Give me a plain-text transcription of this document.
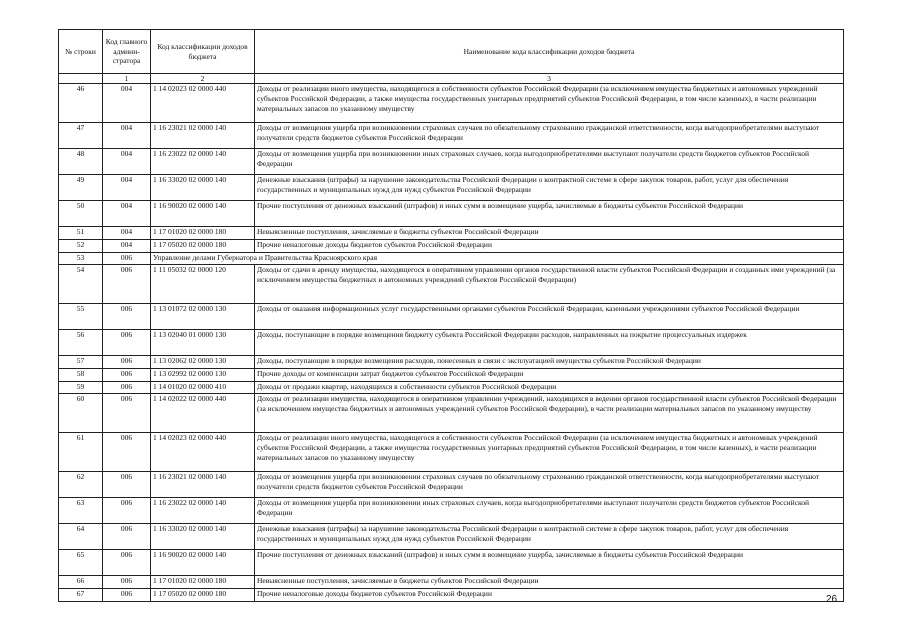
№ строки	Код главного админи-стратора	Код классификации доходов бюджета	Наименование кода классификации доходов бюджета
	1	2	3
46	004	1 14 02023 02 0000 440	Доходы от реализации иного имущества, находящегося в собственности субъектов Российской Федерации (за исключением имущества бюджетных и автономных учреждений субъектов Российской Федерации, а также имущества государственных унитарных предприятий субъектов Российской Федерации, в том числе казенных), в части реализации материальных запасов по указанному имуществу
47	004	1 16 23021 02 0000 140	Доходы от возмещения ущерба при возникновении страховых случаев по обязательному страхованию гражданской ответственности, когда выгодоприобретателями выступают получатели средств бюджетов субъектов Российской Федерации
48	004	1 16 23022 02 0000 140	Доходы от возмещения ущерба при возникновении иных страховых случаев, когда выгодоприобретателями выступают получатели средств бюджетов субъектов Российской Федерации
49	004	1 16 33020 02 0000 140	Денежные взыскания (штрафы) за нарушение законодательства Российской Федерации о контрактной системе в сфере закупок товаров, работ, услуг для обеспечения государственных и муниципальных нужд для нужд субъектов Российской Федерации
50	004	1 16 90020 02 0000 140	Прочие поступления от денежных взысканий (штрафов) и иных сумм в возмещение ущерба, зачисляемые в бюджеты субъектов Российской Федерации
51	004	1 17 01020 02 0000 180	Невыясненные поступления, зачисляемые в бюджеты субъектов Российской Федерации
52	004	1 17 05020 02 0000 180	Прочие неналоговые доходы бюджетов субъектов Российской Федерации
53	006	Управление делами Губернатора и Правительства Красноярского края	
54	006	1 11 05032 02 0000 120	Доходы от сдачи в аренду имущества, находящегося в оперативном управлении органов государственной власти субъектов Российской Федерации и созданных ими учреждений (за исключением имущества бюджетных и автономных учреждений субъектов Российской Федерации)
55	006	1 13 01072 02 0000 130	Доходы от оказания информационных услуг государственными органами субъектов Российской Федерации, казенными учреждениями субъектов Российской Федерации
56	006	1 13 02040 01 0000 130	Доходы, поступающие в порядке возмещения бюджету субъекта Российской Федерации расходов, направленных на покрытие процессуальных издержек
57	006	1 13 02062 02 0000 130	Доходы, поступающие в порядке возмещения расходов, понесенных в связи с эксплуатацией имущества субъектов Российской Федерации
58	006	1 13 02992 02 0000 130	Прочие доходы от компенсации затрат бюджетов субъектов Российской Федерации
59	006	1 14 01020 02 0000 410	Доходы от продажи квартир, находящихся в собственности субъектов Российской Федерации
60	006	1 14 02022 02 0000 440	Доходы от реализации имущества, находящегося в оперативном управлении учреждений, находящихся в ведении органов государственной власти субъектов Российской Федерации (за исключением имущества бюджетных и автономных учреждений субъектов Российской Федерации), в части реализации материальных запасов по указанному имуществу
61	006	1 14 02023 02 0000 440	Доходы от реализации иного имущества, находящегося в собственности субъектов Российской Федерации (за исключением имущества бюджетных и автономных учреждений субъектов Российской Федерации, а также имущества государственных унитарных предприятий субъектов Российской Федерации, в том числе казенных), в части реализации материальных запасов по указанному имуществу
62	006	1 16 23021 02 0000 140	Доходы от возмещения ущерба при возникновении страховых случаев по обязательному страхованию гражданской ответственности, когда выгодоприобретателями выступают получатели средств бюджетов субъектов Российской Федерации
63	006	1 16 23022 02 0000 140	Доходы от возмещения ущерба при возникновении иных страховых случаев, когда выгодоприобретателями выступают получатели средств бюджетов субъектов Российской Федерации
64	006	1 16 33020 02 0000 140	Денежные взыскания (штрафы) за нарушение законодательства Российской Федерации о контрактной системе в сфере закупок товаров, работ, услуг для обеспечения государственных и муниципальных нужд для нужд субъектов Российской Федерации
65	006	1 16 90020 02 0000 140	Прочие поступления от денежных взысканий (штрафов) и иных сумм в возмещение ущерба, зачисляемые в бюджеты субъектов Российской Федерации
66	006	1 17 01020 02 0000 180	Невыясненные поступления, зачисляемые в бюджеты субъектов Российской Федерации
67	006	1 17 05020 02 0000 180	Прочие неналоговые доходы бюджетов субъектов Российской Федерации
26
